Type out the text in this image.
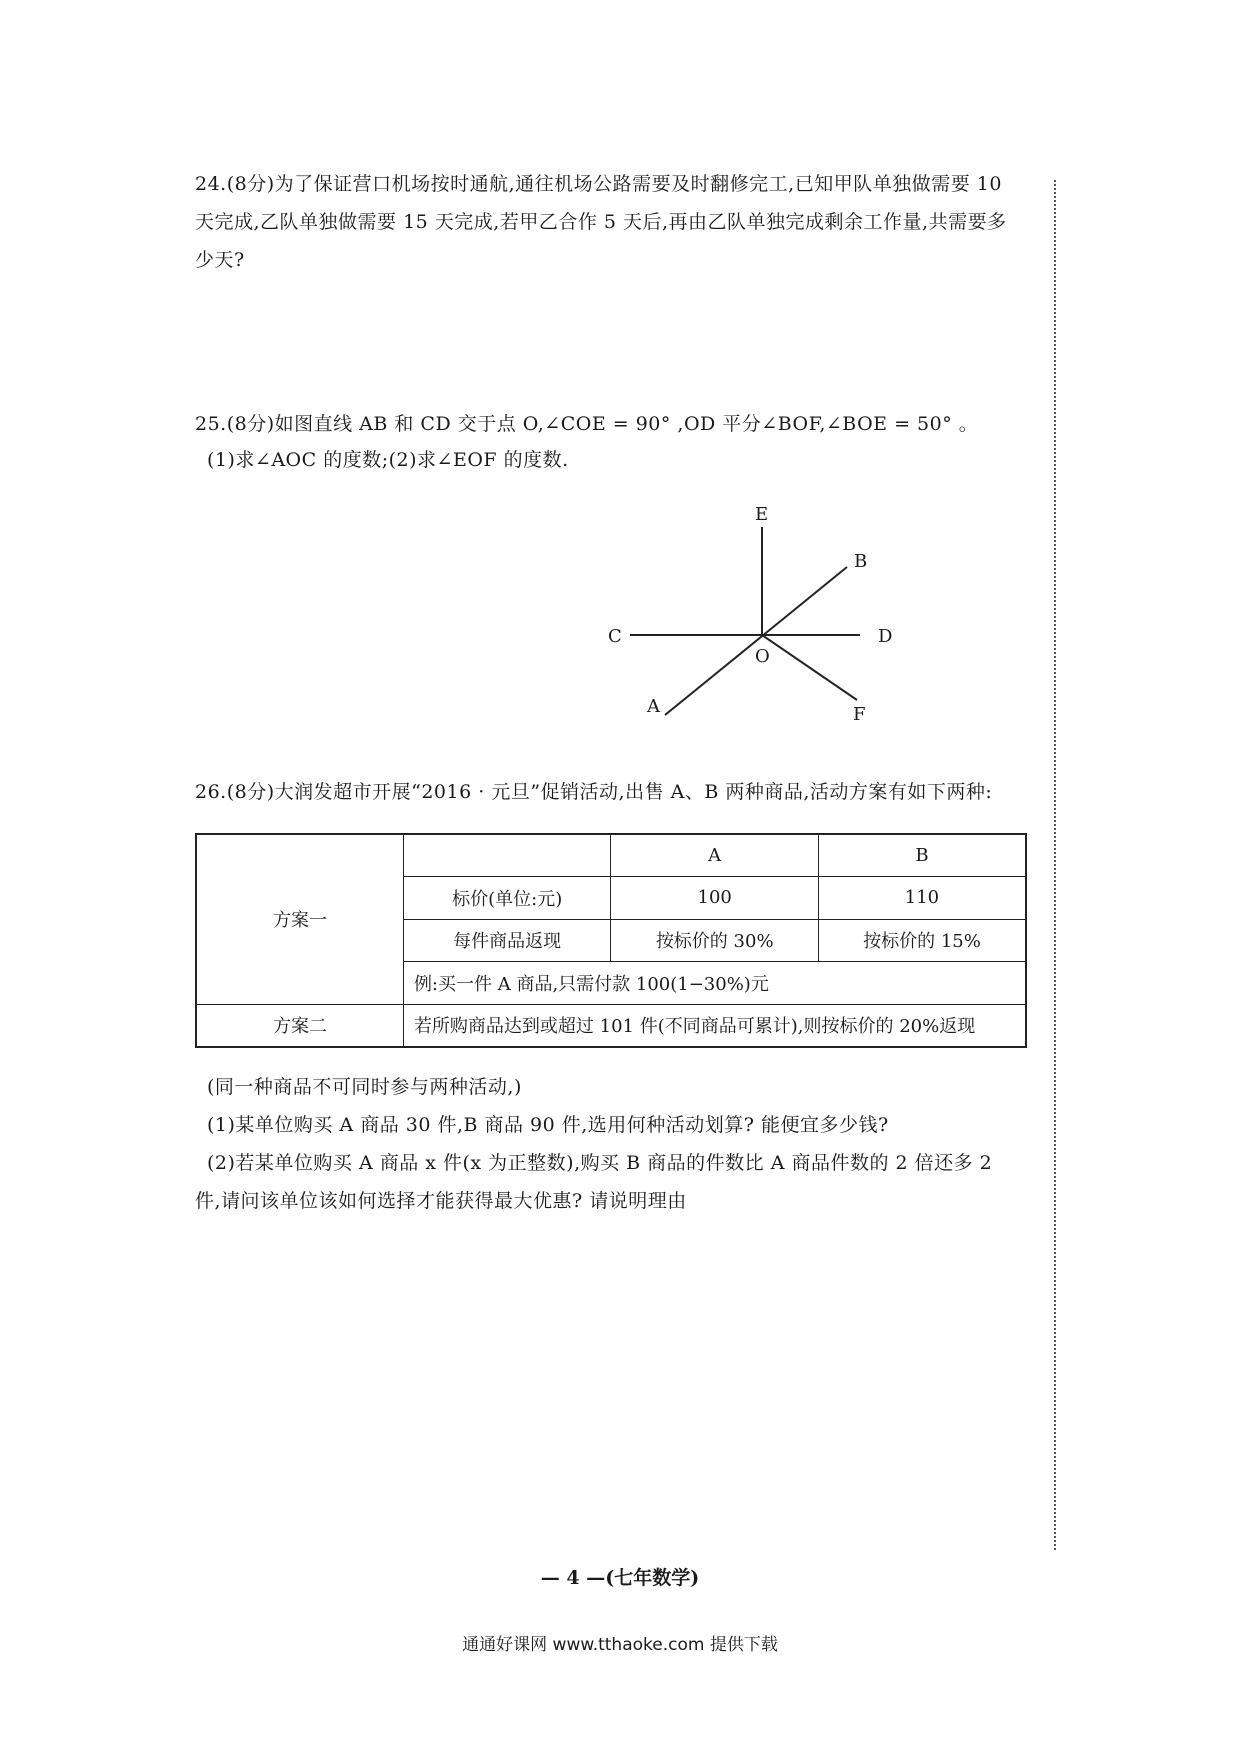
24.(8分)为了保证营口机场按时通航,通往机场公路需要及时翻修完工,已知甲队单独做需要 10
天完成,乙队单独做需要 15 天完成,若甲乙合作 5 天后,再由乙队单独完成剩余工作量,共需要多
少天?
25.(8分)如图直线 AB 和 CD 交于点 O,∠COE = 90° ,OD 平分∠BOF,∠BOE = 50° 。
(1)求∠AOC 的度数;(2)求∠EOF 的度数.
E
B
C	D
O
A	F
26.(8分)大润发超市开展“2016 · 元旦”促销活动,出售 A、B 两种商品,活动方案有如下两种:
方案一		A	B
	标价(单位:元)	100	110
	每件商品返现	按标价的 30%	按标价的 15%
	例:买一件 A 商品,只需付款 100(1−30%)元		
方案二	若所购商品达到或超过 101 件(不同商品可累计),则按标价的 20%返现		
(同一种商品不可同时参与两种活动,)
(1)某单位购买 A 商品 30 件,B 商品 90 件,选用何种活动划算? 能便宜多少钱?
(2)若某单位购买 A 商品 x 件(x 为正整数),购买 B 商品的件数比 A 商品件数的 2 倍还多 2
件,请问该单位该如何选择才能获得最大优惠? 请说明理由
— 4 —(七年数学)
通通好课网 www.tthaoke.com 提供下载
